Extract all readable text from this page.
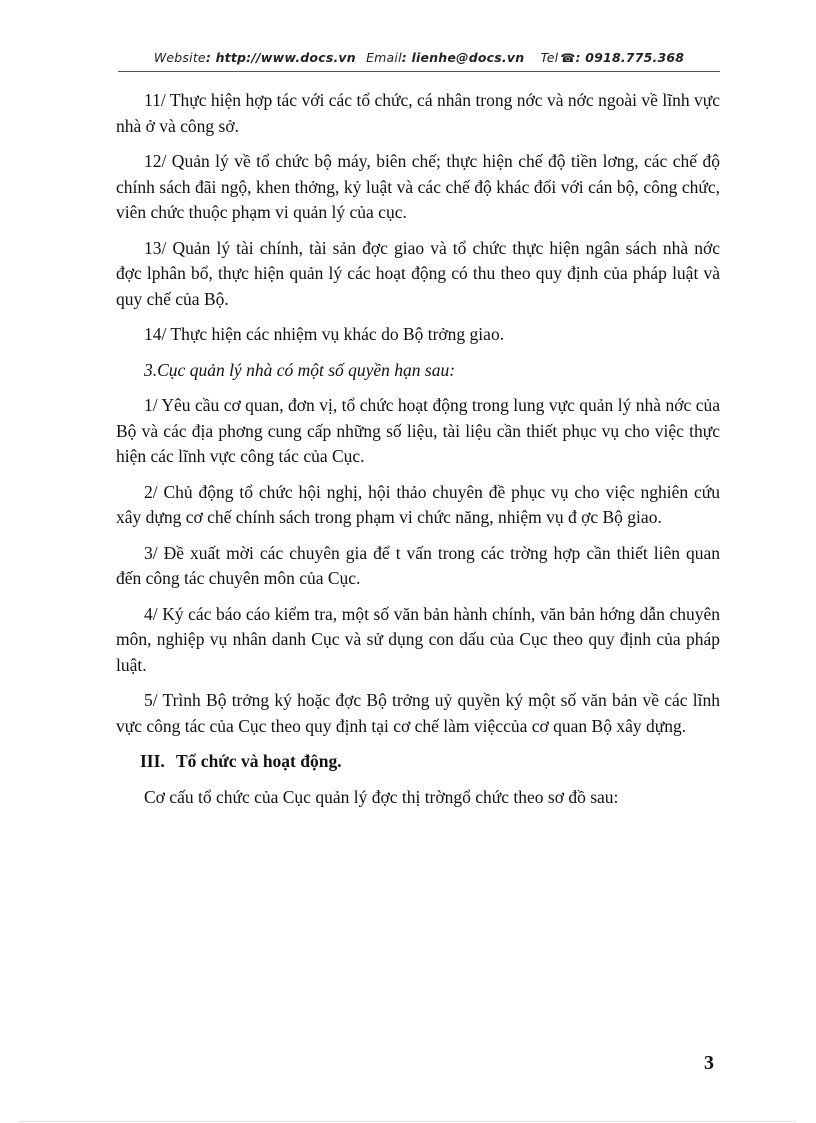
Website: http://www.docs.vn Email: lienhe@docs.vn Tel ☎: 0918.775.368

11/ Thực hiện hợp tác với các tổ chức, cá nhân trong nớc và nớc ngoài về lĩnh vực nhà ở và công sở.

12/ Quản lý về tổ chức bộ máy, biên chế; thực hiện chế độ tiền lơng, các chế độ chính sách đãi ngộ, khen thởng, kỷ luật và các chế độ khác đối với cán bộ, công chức, viên chức thuộc phạm vi quản lý của cục.

13/ Quản lý tài chính, tài sản đợc giao và tổ chức thực hiện ngân sách nhà nớc đợc lphân bổ, thực hiện quản lý các hoạt động có thu theo quy định của pháp luật và quy chế của Bộ.

14/ Thực hiện các nhiệm vụ khác do Bộ trởng giao.

3.Cục quản lý nhà có một số quyền hạn sau:

1/ Yêu cầu cơ quan, đơn vị, tổ chức hoạt động trong lung vực quản lý nhà nớc của Bộ và các địa phơng cung cấp những số liệu, tài liệu cần thiết phục vụ cho việc thực hiện các lĩnh vực công tác của Cục.

2/ Chủ động tổ chức hội nghị, hội thảo chuyên đề phục vụ cho việc nghiên cứu xây dựng cơ chế chính sách trong phạm vi chức năng, nhiệm vụ đ ợc Bộ giao.

3/ Đề xuất mời các chuyên gia để t vấn trong các trờng hợp cần thiết liên quan đến công tác chuyên môn của Cục.

4/ Ký các báo cáo kiểm tra, một số văn bản hành chính, văn bản hớng dẫn chuyên môn, nghiệp vụ nhân danh Cục và sử dụng con dấu của Cục theo quy định của pháp luật.

5/ Trình Bộ trởng ký hoặc đợc Bộ trởng uỷ quyền ký một số văn bản về các lĩnh vực công tác của Cục theo quy định tại cơ chế làm việccủa cơ quan Bộ xây dựng.

III. Tổ chức và hoạt động.

Cơ cấu tổ chức của Cục quản lý đợc thị trờngổ chức theo sơ đồ sau:

3
